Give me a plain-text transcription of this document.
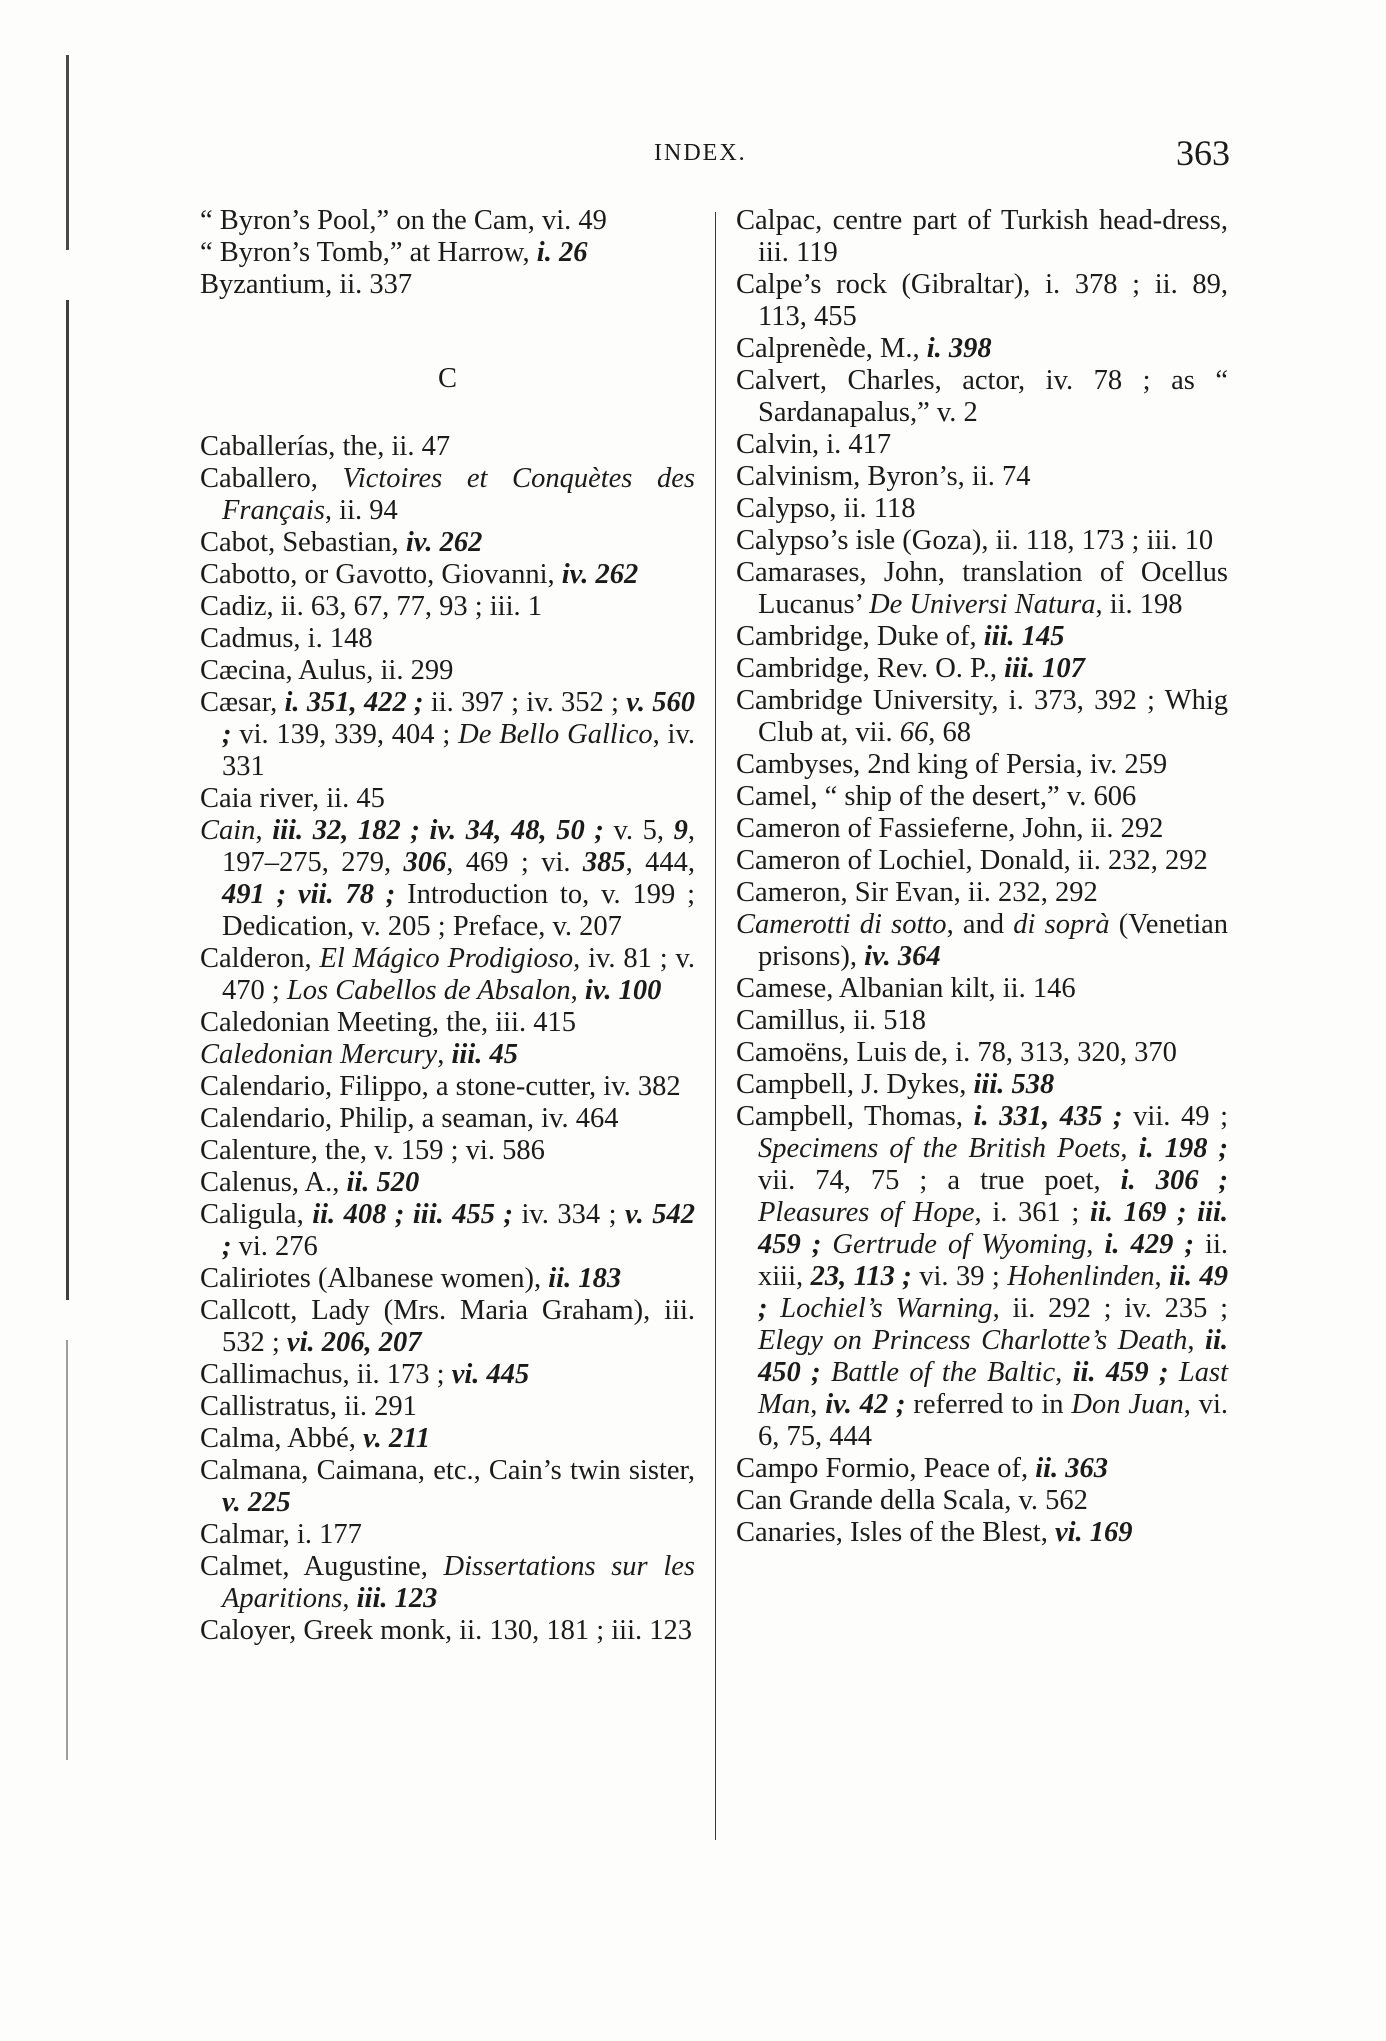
INDEX.	363

“ Byron’s Pool,” on the Cam, vi. 49

“ Byron’s Tomb,” at Harrow, i. 26

Byzantium, ii. 337

C

Caballerías, the, ii. 47

Caballero, Victoires et Conquètes des Français, ii. 94

Cabot, Sebastian, iv. 262

Cabotto, or Gavotto, Giovanni, iv. 262

Cadiz, ii. 63, 67, 77, 93 ; iii. 1

Cadmus, i. 148

Cæcina, Aulus, ii. 299

Cæsar, i. 351, 422 ; ii. 397 ; iv. 352 ; v. 560 ; vi. 139, 339, 404 ; De Bello Gallico, iv. 331

Caia river, ii. 45

Cain, iii. 32, 182 ; iv. 34, 48, 50 ; v. 5, 9, 197–275, 279, 306, 469 ; vi. 385, 444, 491 ; vii. 78 ; Introduction to, v. 199 ; Dedication, v. 205 ; Preface, v. 207

Calderon, El Mágico Prodigioso, iv. 81 ; v. 470 ; Los Cabellos de Absalon, iv. 100

Caledonian Meeting, the, iii. 415

Caledonian Mercury, iii. 45

Calendario, Filippo, a stone-cutter, iv. 382

Calendario, Philip, a seaman, iv. 464

Calenture, the, v. 159 ; vi. 586

Calenus, A., ii. 520

Caligula, ii. 408 ; iii. 455 ; iv. 334 ; v. 542 ; vi. 276

Caliriotes (Albanese women), ii. 183

Callcott, Lady (Mrs. Maria Graham), iii. 532 ; vi. 206, 207

Callimachus, ii. 173 ; vi. 445

Callistratus, ii. 291

Calma, Abbé, v. 211

Calmana, Caimana, etc., Cain’s twin sister, v. 225

Calmar, i. 177

Calmet, Augustine, Dissertations sur les Aparitions, iii. 123

Caloyer, Greek monk, ii. 130, 181 ; iii. 123

Calpac, centre part of Turkish head-dress, iii. 119

Calpe’s rock (Gibraltar), i. 378 ; ii. 89, 113, 455

Calprenède, M., i. 398

Calvert, Charles, actor, iv. 78 ; as “ Sardanapalus,” v. 2

Calvin, i. 417

Calvinism, Byron’s, ii. 74

Calypso, ii. 118

Calypso’s isle (Goza), ii. 118, 173 ; iii. 10

Camarases, John, translation of Ocellus Lucanus’ De Universi Natura, ii. 198

Cambridge, Duke of, iii. 145

Cambridge, Rev. O. P., iii. 107

Cambridge University, i. 373, 392 ; Whig Club at, vii. 66, 68

Cambyses, 2nd king of Persia, iv. 259

Camel, “ ship of the desert,” v. 606

Cameron of Fassieferne, John, ii. 292

Cameron of Lochiel, Donald, ii. 232, 292

Cameron, Sir Evan, ii. 232, 292

Camerotti di sotto, and di soprà (Venetian prisons), iv. 364

Camese, Albanian kilt, ii. 146

Camillus, ii. 518

Camoëns, Luis de, i. 78, 313, 320, 370

Campbell, J. Dykes, iii. 538

Campbell, Thomas, i. 331, 435 ; vii. 49 ; Specimens of the British Poets, i. 198 ; vii. 74, 75 ; a true poet, i. 306 ; Pleasures of Hope, i. 361 ; ii. 169 ; iii. 459 ; Gertrude of Wyoming, i. 429 ; ii. xiii, 23, 113 ; vi. 39 ; Hohenlinden, ii. 49 ; Lochiel’s Warning, ii. 292 ; iv. 235 ; Elegy on Princess Charlotte’s Death, ii. 450 ; Battle of the Baltic, ii. 459 ; Last Man, iv. 42 ; referred to in Don Juan, vi. 6, 75, 444

Campo Formio, Peace of, ii. 363

Can Grande della Scala, v. 562

Canaries, Isles of the Blest, vi. 169
